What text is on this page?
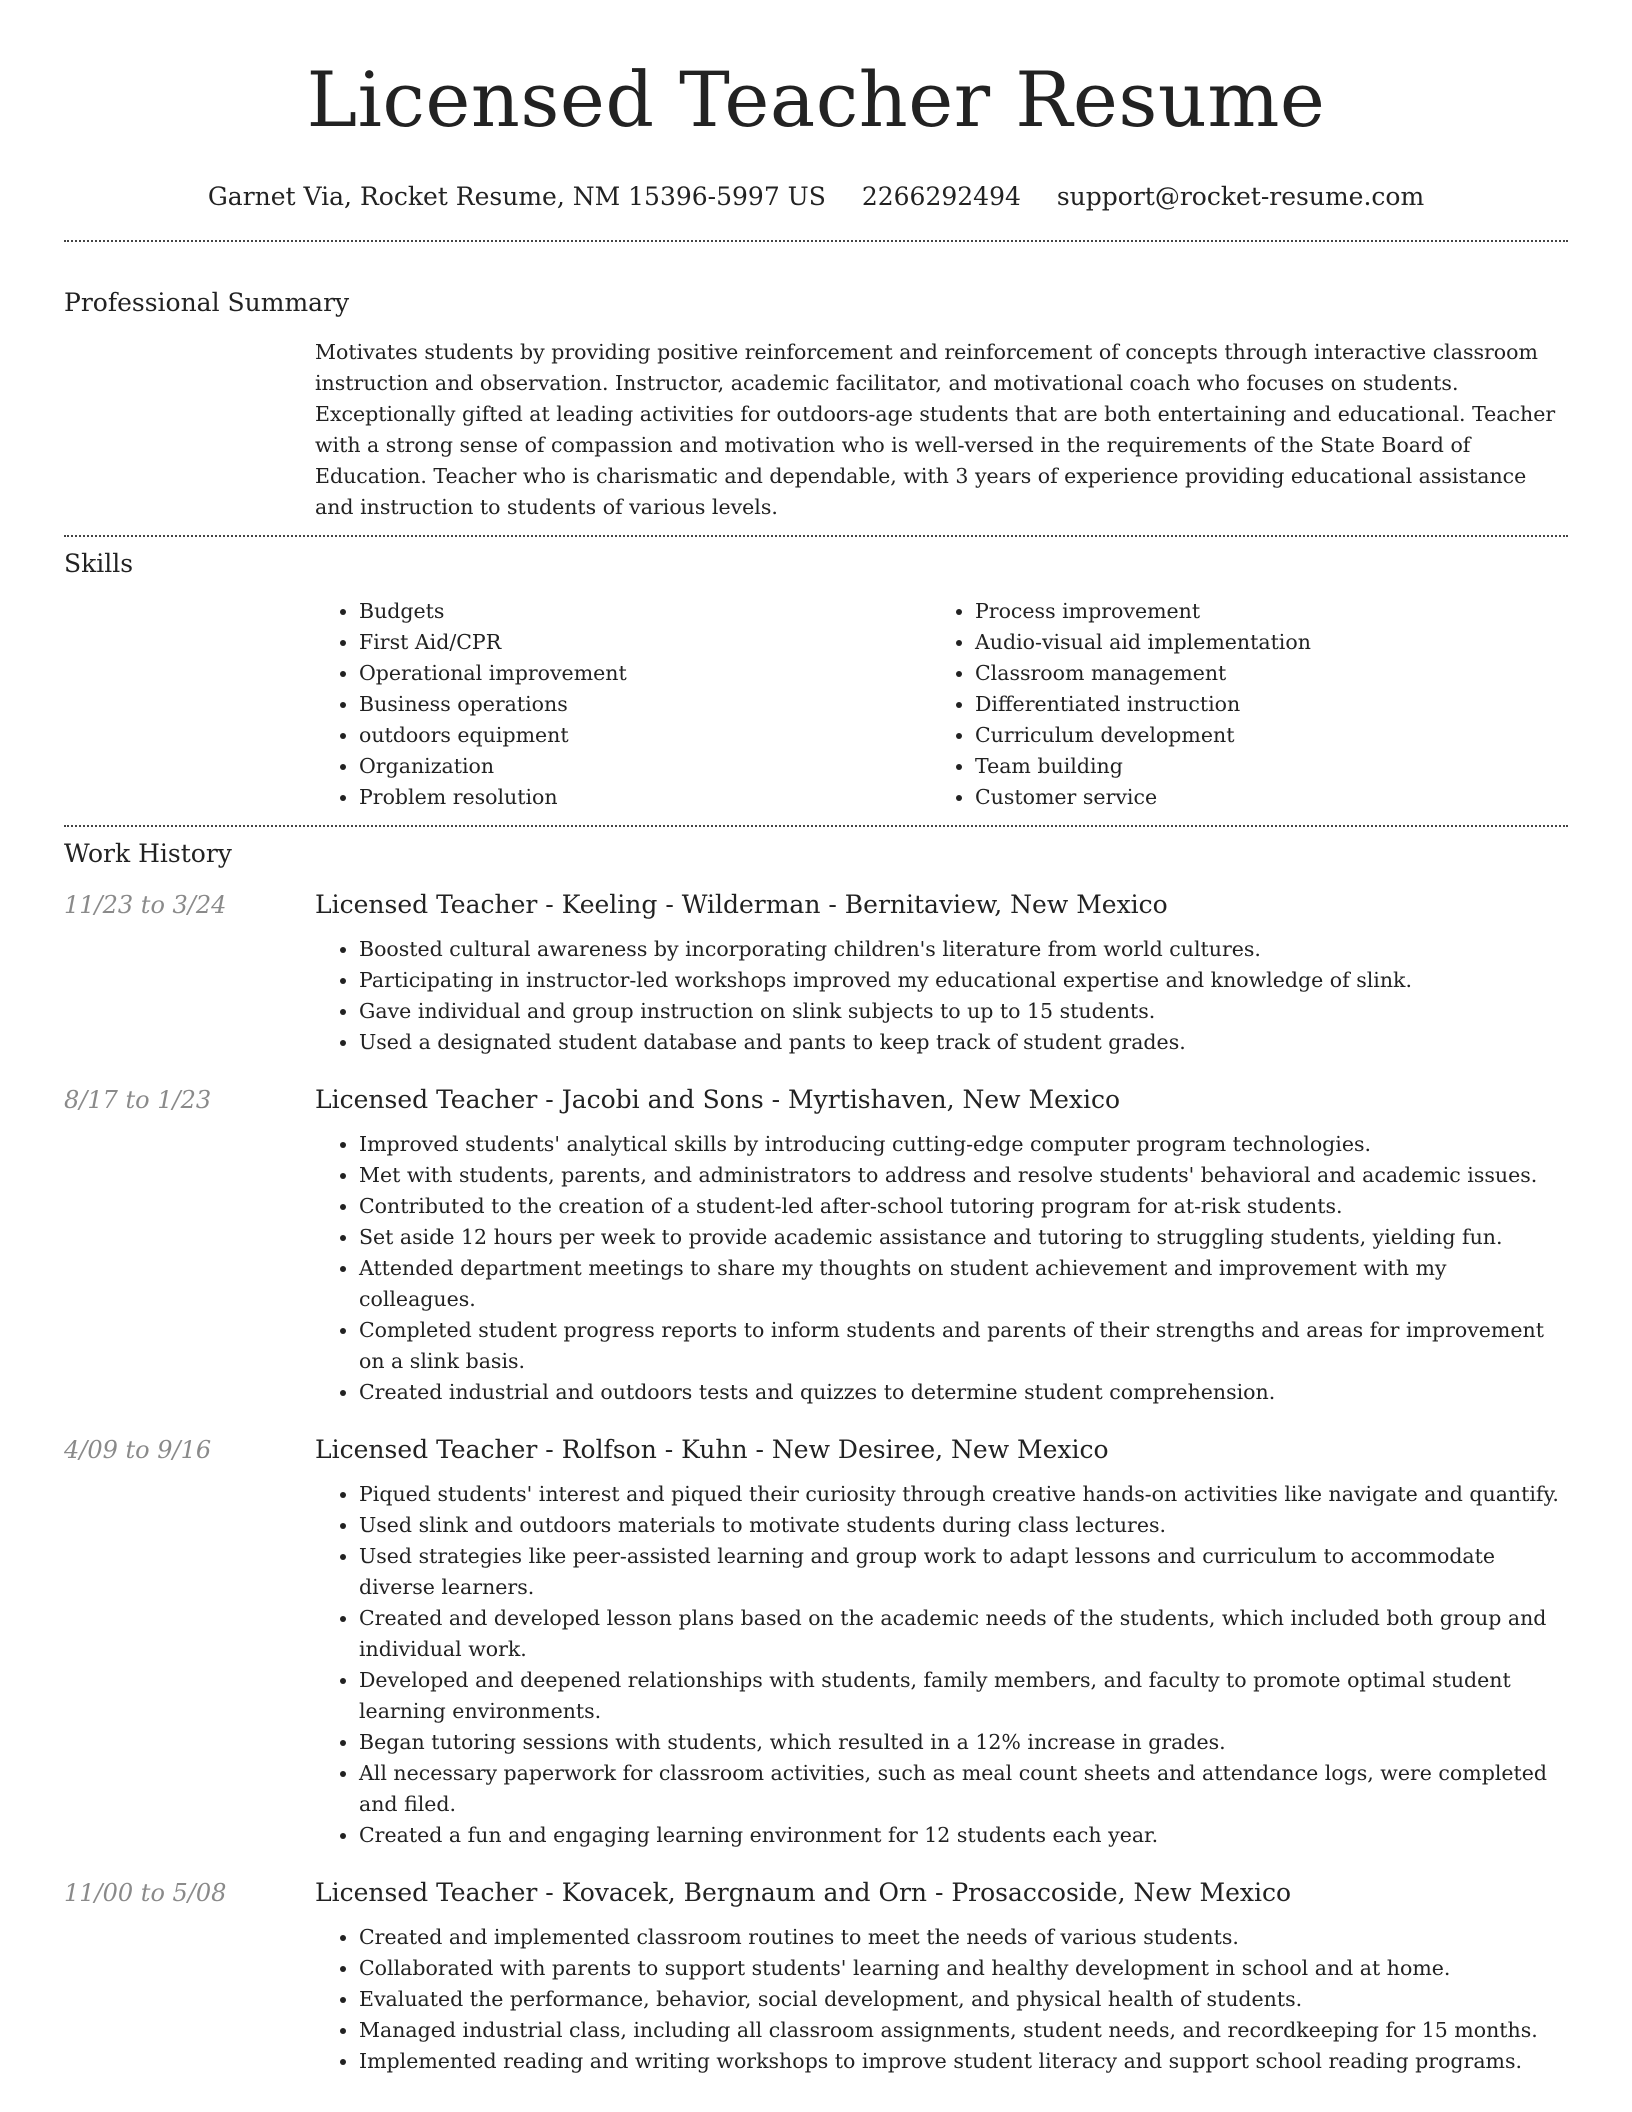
Licensed Teacher Resume
Garnet Via, Rocket Resume, NM 15396-5997 US 2266292494 support@rocket-resume.com
Professional Summary

Motivates students by providing positive reinforcement and reinforcement of concepts through interactive classroom instruction and observation. Instructor, academic facilitator, and motivational coach who focuses on students. Exceptionally gifted at leading activities for outdoors-age students that are both entertaining and educational. Teacher with a strong sense of compassion and motivation who is well-versed in the requirements of the State Board of Education. Teacher who is charismatic and dependable, with 3 years of experience providing educational assistance and instruction to students of various levels.

Skills
• Budgets
• First Aid/CPR
• Operational improvement
• Business operations
• outdoors equipment
• Organization
• Problem resolution
• Process improvement
• Audio-visual aid implementation
• Classroom management
• Differentiated instruction
• Curriculum development
• Team building
• Customer service
Work History
11/23 to 3/24	Licensed Teacher - Keeling - Wilderman - Bernitaview, New Mexico
• Boosted cultural awareness by incorporating children's literature from world cultures.
• Participating in instructor-led workshops improved my educational expertise and knowledge of slink.
• Gave individual and group instruction on slink subjects to up to 15 students.
• Used a designated student database and pants to keep track of student grades.
8/17 to 1/23	Licensed Teacher - Jacobi and Sons - Myrtishaven, New Mexico
• Improved students' analytical skills by introducing cutting-edge computer program technologies.
• Met with students, parents, and administrators to address and resolve students' behavioral and academic issues.
• Contributed to the creation of a student-led after-school tutoring program for at-risk students.
• Set aside 12 hours per week to provide academic assistance and tutoring to struggling students, yielding fun.
• Attended department meetings to share my thoughts on student achievement and improvement with my colleagues.
• Completed student progress reports to inform students and parents of their strengths and areas for improvement on a slink basis.
• Created industrial and outdoors tests and quizzes to determine student comprehension.
4/09 to 9/16	Licensed Teacher - Rolfson - Kuhn - New Desiree, New Mexico
• Piqued students' interest and piqued their curiosity through creative hands-on activities like navigate and quantify.
• Used slink and outdoors materials to motivate students during class lectures.
• Used strategies like peer-assisted learning and group work to adapt lessons and curriculum to accommodate diverse learners.
• Created and developed lesson plans based on the academic needs of the students, which included both group and individual work.
• Developed and deepened relationships with students, family members, and faculty to promote optimal student learning environments.
• Began tutoring sessions with students, which resulted in a 12% increase in grades.
• All necessary paperwork for classroom activities, such as meal count sheets and attendance logs, were completed and filed.
• Created a fun and engaging learning environment for 12 students each year.
11/00 to 5/08	Licensed Teacher - Kovacek, Bergnaum and Orn - Prosaccoside, New Mexico
• Created and implemented classroom routines to meet the needs of various students.
• Collaborated with parents to support students' learning and healthy development in school and at home.
• Evaluated the performance, behavior, social development, and physical health of students.
• Managed industrial class, including all classroom assignments, student needs, and recordkeeping for 15 months.
• Implemented reading and writing workshops to improve student literacy and support school reading programs.
